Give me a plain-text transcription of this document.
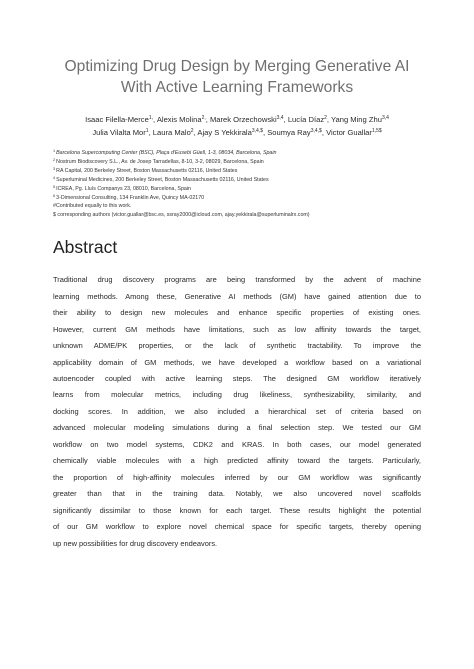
Optimizing Drug Design by Merging Generative AI
With Active Learning Frameworks
Isaac Filella-Merce$^{1,}$, Alexis Molina$^{2,}$, Marek Orzechowski$^{3,4}$, Lucía Díaz$^2$, Yang Ming Zhu$^{3,4}$
Julia Vilalta Mor$^1$, Laura Malo$^2$, Ajay S Yekkirala$^{3,4,\$}$, Soumya Ray$^{3,4,\$}$, Victor Guallar$^{1,5\$}$
$^1$Barcelona Supercomputing Center (BSC), Plaça d'Eusebi Güell, 1-3, 08034, Barcelona, Spain
$^2$Nostrum Biodiscovery S.L., Av. de Josep Tarradellas, 8-10, 3-2, 08029, Barcelona, Spain
$^3$RA Capital, 200 Berkeley Street, Boston Massachusetts 02116, United States
$^4$Superluminal Medicines, 200 Berkeley Street, Boston Massachusetts 02116, United States
$^5$ICREA, Pg. Lluís Companys 23, 08010, Barcelona, Spain
$^6$3-Dimensional Consulting, 134 Franklin Ave, Quincy MA-02170
#Contributed equally to this work.
$ corresponding authors (victor.guallar@bsc.es, ssray2000@icloud.com, ajay.yekkirala@superluminalrx.com)
Abstract
Traditional drug discovery programs are being transformed by the advent of machine
learning methods. Among these, Generative AI methods (GM) have gained attention due to
their ability to design new molecules and enhance specific properties of existing ones.
However, current GM methods have limitations, such as low affinity towards the target,
unknown ADME/PK properties, or the lack of synthetic tractability. To improve the
applicability domain of GM methods, we have developed a workflow based on a variational
autoencoder coupled with active learning steps. The designed GM workflow iteratively
learns from molecular metrics, including drug likeliness, synthesizability, similarity, and
docking scores. In addition, we also included a hierarchical set of criteria based on
advanced molecular modeling simulations during a final selection step. We tested our GM
workflow on two model systems, CDK2 and KRAS. In both cases, our model generated
chemically viable molecules with a high predicted affinity toward the targets. Particularly,
the proportion of high-affinity molecules inferred by our GM workflow was significantly
greater than that in the training data. Notably, we also uncovered novel scaffolds
significantly dissimilar to those known for each target. These results highlight the potential
of our GM workflow to explore novel chemical space for specific targets, thereby opening
up new possibilities for drug discovery endeavors.
